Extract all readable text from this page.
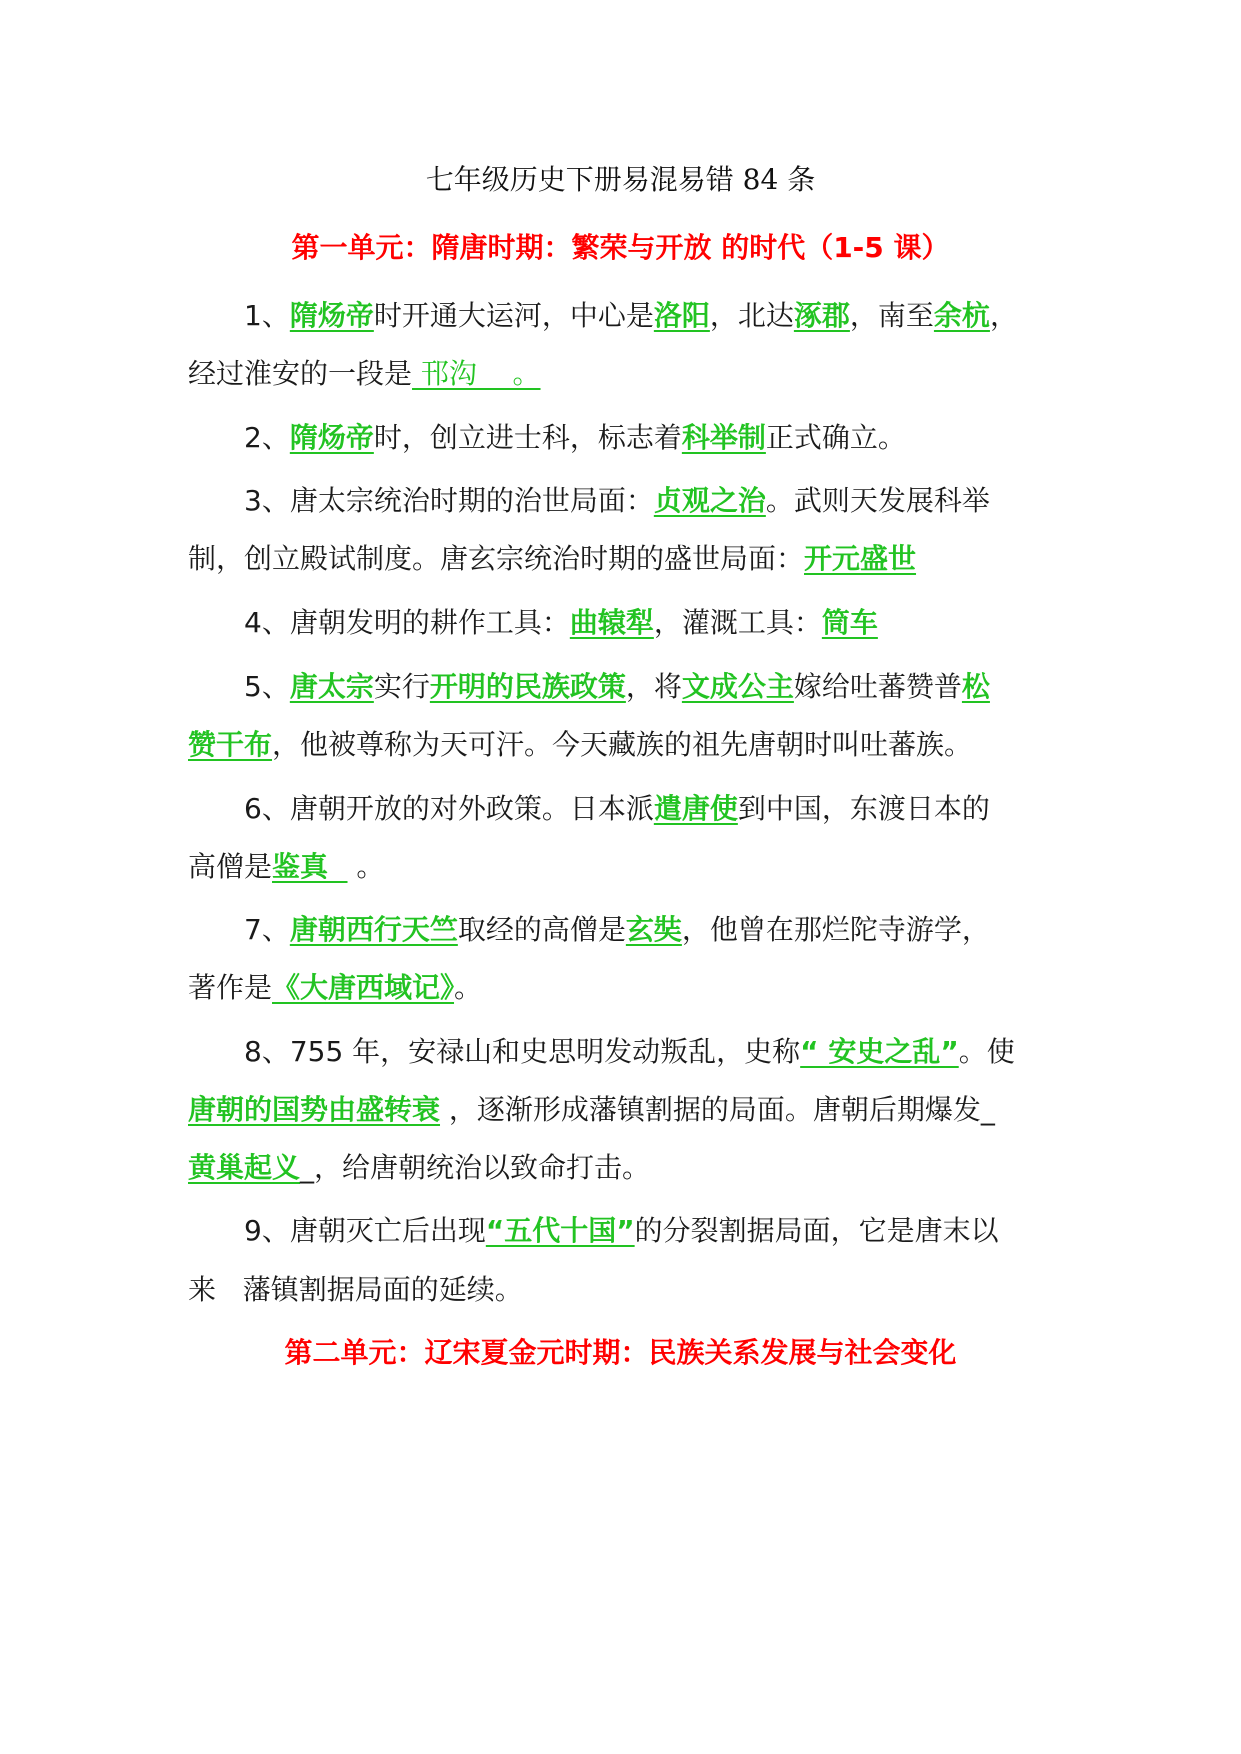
七年级历史下册易混易错 84 条
第一单元：隋唐时期：繁荣与开放 的时代（1-5 课）
1、隋炀帝时开通大运河，中心是洛阳，北达涿郡，南至余杭，
经过淮安的一段是 邗沟    。
2、隋炀帝时，创立进士科，标志着科举制正式确立。
3、唐太宗统治时期的治世局面：贞观之治。武则天发展科举
制，创立殿试制度。唐玄宗统治时期的盛世局面：开元盛世
4、唐朝发明的耕作工具：曲辕犁，灌溉工具：筒车
5、唐太宗实行开明的民族政策，将文成公主嫁给吐蕃赞普松
赞干布，他被尊称为天可汗。今天藏族的祖先唐朝时叫吐蕃族。
6、唐朝开放的对外政策。日本派遣唐使到中国，东渡日本的
高僧是鉴真   。
7、唐朝西行天竺取经的高僧是玄奘，他曾在那烂陀寺游学，
著作是《大唐西域记》。
8、755 年，安禄山和史思明发动叛乱，史称“ 安史之乱”。使
唐朝的国势由盛转衰 ，逐渐形成藩镇割据的局面。唐朝后期爆发_
黄巢起义_，给唐朝统治以致命打击。
9、唐朝灭亡后出现“五代十国”的分裂割据局面，它是唐末以
来   藩镇割据局面的延续。
第二单元：辽宋夏金元时期：民族关系发展与社会变化
